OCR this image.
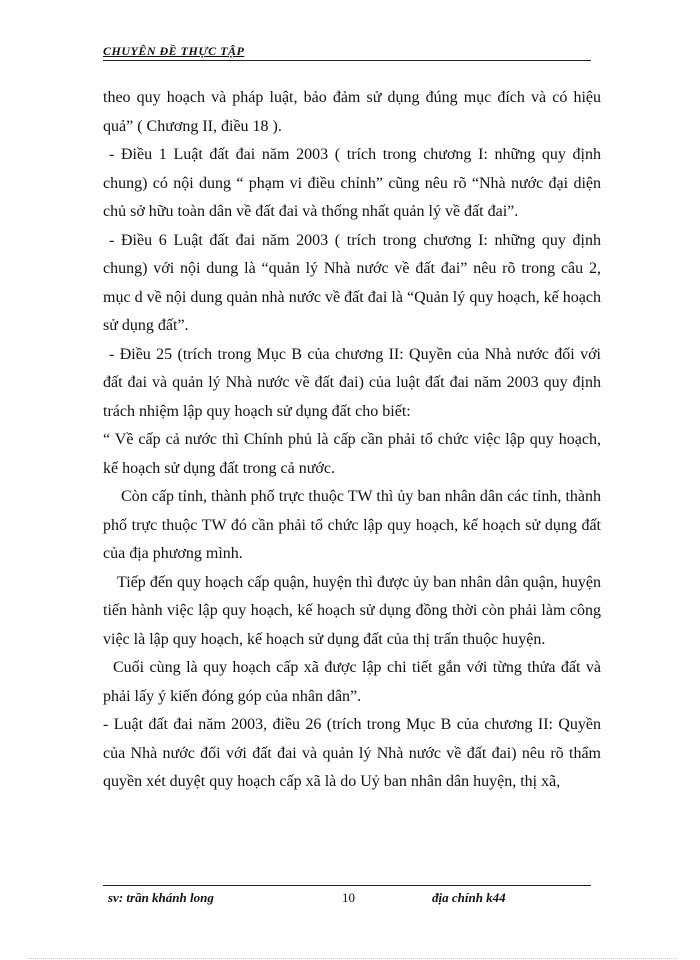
CHUYÊN ĐỀ THỰC TẬP

theo quy hoạch và pháp luật, bảo đảm sử dụng đúng mục đích và có hiệu quả” ( Chương II, điều 18 ).

- Điều 1 Luật đất đai năm 2003 ( trích trong chương I: những quy định chung) có nội dung “ phạm vi điều chỉnh” cũng nêu rõ “Nhà nước đại diện chủ sở hữu toàn dân về đất đai và thống nhất quản lý về đất đai”.

- Điều 6 Luật đất đai năm 2003 ( trích trong chương I: những quy định chung) với nội dung là “quản lý Nhà nước về đất đai” nêu rõ trong câu 2, mục d về nội dung quản nhà nước về đất đai là “Quản lý quy hoạch, kế hoạch sử dụng đất”.

- Điều 25 (trích trong Mục B của chương II: Quyền của Nhà nước đối với đất đai và quản lý Nhà nước về đất đai) của luật đất đai năm 2003 quy định trách nhiệm lập quy hoạch sử dụng đất cho biết:

“ Về cấp cả nước thì Chính phủ là cấp cần phải tổ chức việc lập quy hoạch, kế hoạch sử dụng đất trong cả nước.

Còn cấp tỉnh, thành phố trực thuộc TW thì ủy ban nhân dân các tỉnh, thành phố trực thuộc TW đó cần phải tổ chức lập quy hoạch, kế hoạch sử dụng đất của địa phương mình.

Tiếp đến quy hoạch cấp quận, huyện thì được ủy ban nhân dân quận, huyện tiến hành việc lập quy hoạch, kế hoạch sử dụng đồng thời còn phải làm công việc là lập quy hoạch, kế hoạch sử dụng đất của thị trấn thuộc huyện.

Cuối cùng là quy hoạch cấp xã được lập chi tiết gắn với từng thửa đất và phải lấy ý kiến đóng góp của nhân dân”.

- Luật đất đai năm 2003, điều 26 (trích trong Mục B của chương II: Quyền của Nhà nước đối với đất đai và quản lý Nhà nước về đất đai) nêu rõ thẩm quyền xét duyệt quy hoạch cấp xã là do Uỷ ban nhân dân huyện, thị xã,

sv: trần khánh long	10	địa chính k44
